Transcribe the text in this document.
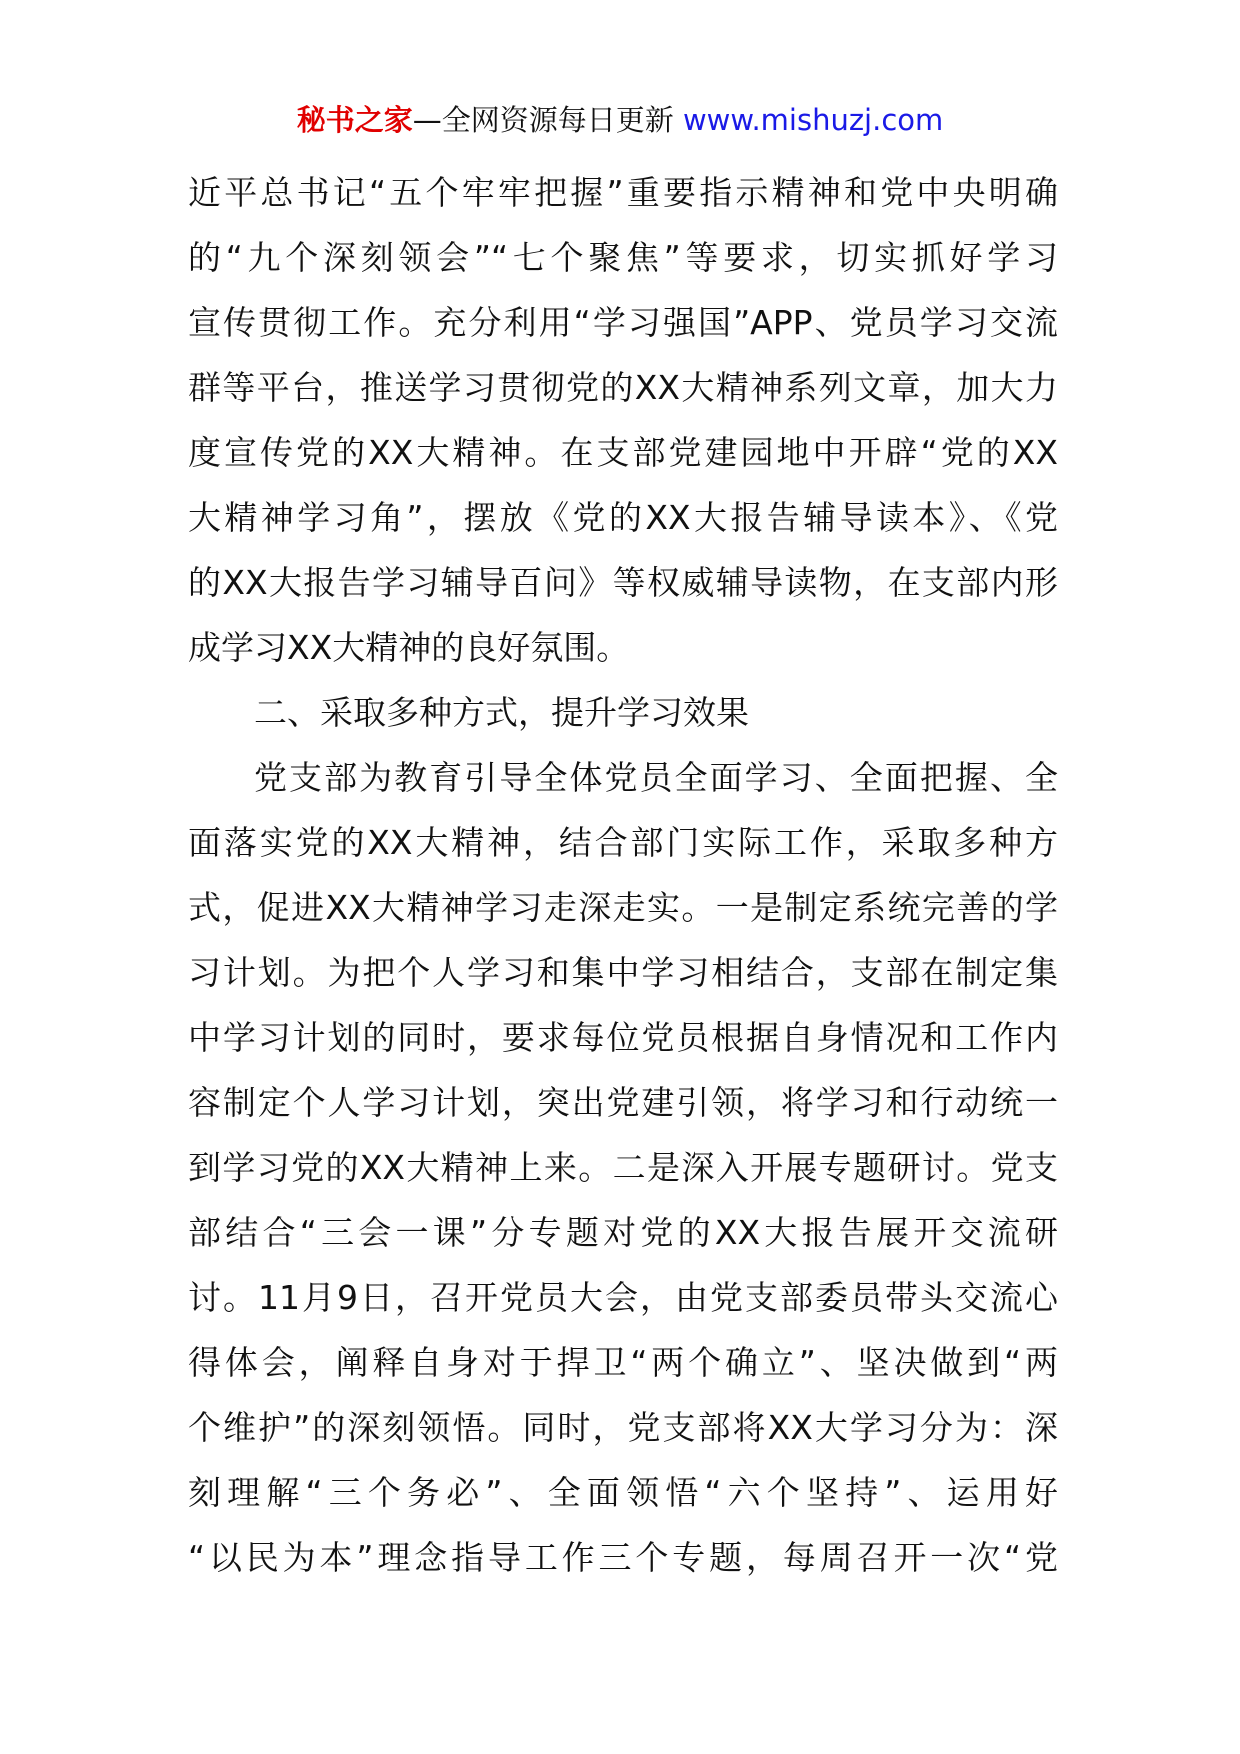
秘书之家—全网资源每日更新 www.mishuzj.com
近平总书记“五个牢牢把握”重要指示精神和党中央明确
的“九个深刻领会”“七个聚焦”等要求，切实抓好学习
宣传贯彻工作。充分利用“学习强国”APP、党员学习交流
群等平台，推送学习贯彻党的XX大精神系列文章，加大力
度宣传党的XX大精神。在支部党建园地中开辟“党的XX
大精神学习角”，摆放《党的XX大报告辅导读本》、《党
的XX大报告学习辅导百问》等权威辅导读物，在支部内形
成学习XX大精神的良好氛围。
二、采取多种方式，提升学习效果
党支部为教育引导全体党员全面学习、全面把握、全
面落实党的XX大精神，结合部门实际工作，采取多种方
式，促进XX大精神学习走深走实。一是制定系统完善的学
习计划。为把个人学习和集中学习相结合，支部在制定集
中学习计划的同时，要求每位党员根据自身情况和工作内
容制定个人学习计划，突出党建引领，将学习和行动统一
到学习党的XX大精神上来。二是深入开展专题研讨。党支
部结合“三会一课”分专题对党的XX大报告展开交流研
讨。11月9日，召开党员大会，由党支部委员带头交流心
得体会，阐释自身对于捍卫“两个确立”、坚决做到“两
个维护”的深刻领悟。同时，党支部将XX大学习分为：深
刻理解“三个务必”、全面领悟“六个坚持”、运用好
“以民为本”理念指导工作三个专题，每周召开一次“党
